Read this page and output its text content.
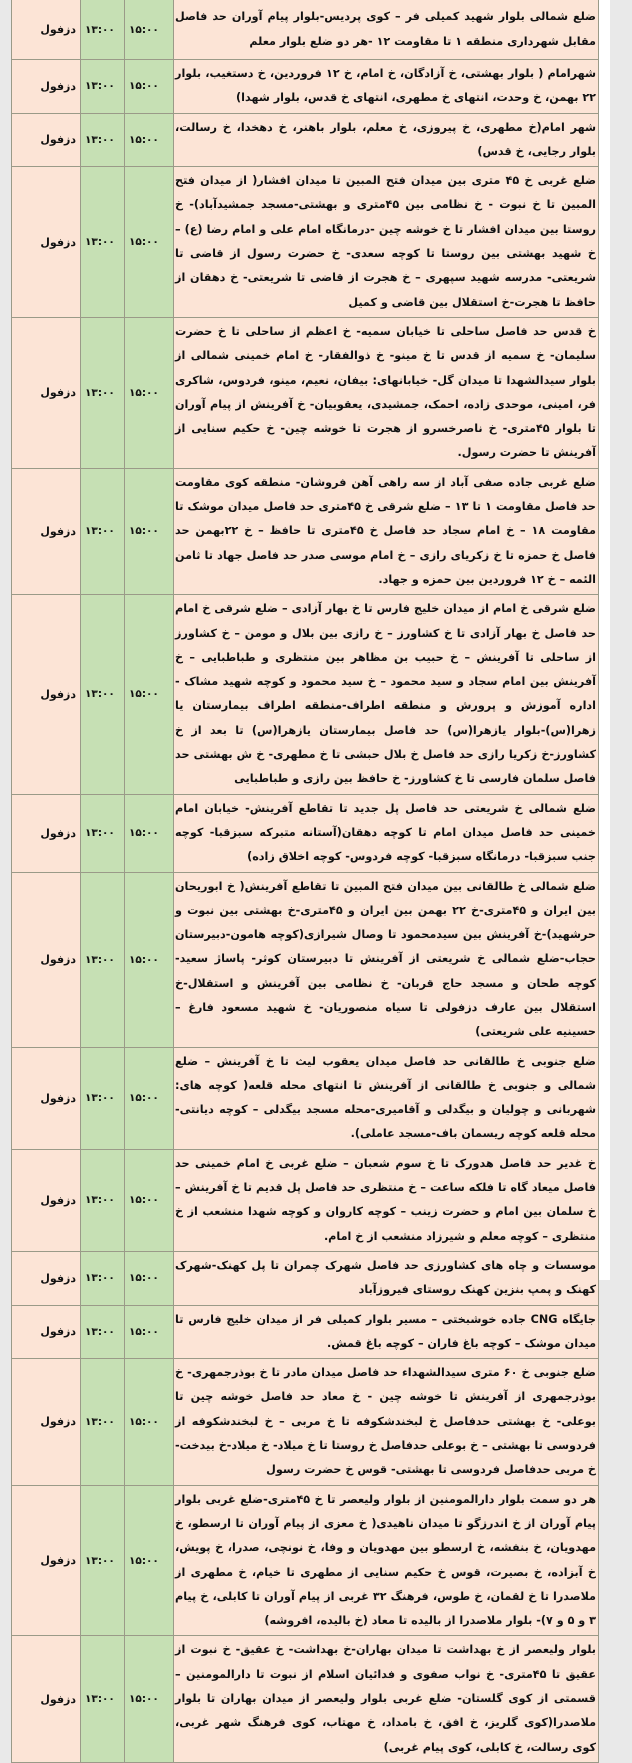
ضلع شمالی بلوار شهید کمیلی فر – کوی پردیس-بلوار پیام آوران حد فاصل مقابل شهرداری منطقه ۱ تا مقاومت ۱۲ -هر دو ضلع بلوار معلم	۱۵:۰۰	۱۳:۰۰	دزفول
شهرامام ( بلوار بهشتی، خ آزادگان، خ امام، خ ۱۲ فروردین، خ دستغیب، بلوار ۲۲ بهمن، خ وحدت، انتهای خ مطهری، انتهای خ قدس، بلوار شهدا)	۱۵:۰۰	۱۳:۰۰	دزفول
شهر امام(خ مطهری، خ پیروزی، خ معلم، بلوار باهنر، خ دهخدا، خ رسالت، بلوار رجایی، خ قدس)	۱۵:۰۰	۱۳:۰۰	دزفول
ضلع غربی خ ۴۵ متری بین میدان فتح المبین تا میدان افشار( از میدان فتح المبین تا خ نبوت - خ نظامی بین ۴۵متری و بهشتی-مسجد جمشیدآباد)- خ روستا بین میدان افشار تا خ خوشه چین -درمانگاه امام علی و امام رضا (ع) – خ شهید بهشتی بین روستا تا کوچه سعدی- خ حضرت رسول از قاضی تا شریعتی- مدرسه شهید سپهری – خ هجرت از قاضی تا شریعتی- خ دهقان از حافظ تا هجرت-خ استقلال بین قاضی و کمیل	۱۵:۰۰	۱۳:۰۰	دزفول
خ قدس حد فاصل ساحلی تا خیابان سمیه- خ اعظم از ساحلی تا خ حضرت سلیمان- خ سمیه از قدس تا خ مینو- خ ذوالفقار- خ امام خمینی شمالی از بلوار سیدالشهدا تا میدان گل- خیابانهای: بیفان، نعیم، مینو، فردوس، شاکری فر، امینی، موحدی زاده، احمک، جمشیدی، یعقوبیان- خ آفرینش از پیام آوران تا بلوار ۴۵متری- خ ناصرخسرو از هجرت تا خوشه چین- خ حکیم سنایی از آفرینش تا حضرت رسول.	۱۵:۰۰	۱۳:۰۰	دزفول
ضلع غربی جاده صفی آباد از سه راهی آهن فروشان- منطقه کوی مقاومت حد فاصل مقاومت ۱ تا ۱۳ – ضلع شرقی خ ۴۵متری حد فاصل میدان موشک تا مقاومت ۱۸ – خ امام سجاد حد فاصل خ ۴۵متری تا حافظ – خ ۲۲بهمن حد فاصل خ حمزه تا خ زکریای رازی – خ امام موسی صدر حد فاصل جهاد تا ثامن الئمه – خ ۱۲ فروردین بین حمزه و جهاد.	۱۵:۰۰	۱۳:۰۰	دزفول
ضلع شرقی خ امام از میدان خلیج فارس تا خ بهار آزادی – ضلع شرقی خ امام حد فاصل خ بهار آزادی تا خ کشاورز – خ رازی بین بلال و مومن – خ کشاورز از ساحلی تا آفرینش – خ حبیب بن مظاهر بین منتظری و طباطبایی – خ آفرینش بین امام سجاد و سید محمود – خ سید محمود و کوچه شهید مشاک - اداره آموزش و پرورش و منطقه اطراف-منطقه اطراف بیمارستان یا زهرا(س)-بلوار یازهرا(س) حد فاصل بیمارستان یازهرا(س) تا بعد از خ کشاورز-خ زکریا رازی حد فاصل خ بلال حبشی تا خ مطهری- خ ش بهشتی حد فاصل سلمان فارسی تا خ کشاورز- خ حافظ بین رازی و طباطبایی	۱۵:۰۰	۱۳:۰۰	دزفول
ضلع شمالی خ شریعتی حد فاصل پل جدید تا تقاطع آفرینش- خیابان امام خمینی حد فاصل میدان امام تا کوچه دهقان(آستانه متبرکه سبزقبا- کوچه جنب سبزقبا- درمانگاه سبزقبا- کوچه فردوس- کوچه اخلاق زاده)	۱۵:۰۰	۱۳:۰۰	دزفول
ضلع شمالی خ طالقانی بین میدان فتح المبین تا تقاطع آفرینش( خ ابوریحان بین ایران و ۴۵متری-خ ۲۲ بهمن بین ایران و ۴۵متری-خ بهشتی بین نبوت و حرشهید)-خ آفرینش بین سیدمحمود تا وصال شیرازی(کوچه هامون-دبیرستان حجاب-ضلع شمالی خ شریعتی از آفرینش تا دبیرستان کوثر- پاساژ سعید-کوچه طحان و مسجد حاج قربان- خ نظامی بین آفرینش و استقلال-خ استقلال بین عارف دزفولی تا سیاه منصوریان- خ شهید مسعود فارغ – حسینیه علی شریعتی)	۱۵:۰۰	۱۳:۰۰	دزفول
ضلع جنوبی خ طالقانی حد فاصل میدان یعقوب لیث تا خ آفرینش – ضلع شمالی و جنوبی خ طالقانی از آفرینش تا انتهای محله قلعه( کوچه های: شهربانی و چولیان و بیگدلی و آقامیری-محله مسجد بیگدلی – کوچه دیانتی-محله قلعه کوچه ریسمان باف-مسجد عاملی).	۱۵:۰۰	۱۳:۰۰	دزفول
خ غدیر حد فاصل هدورک تا خ سوم شعبان – ضلع غربی خ امام خمینی حد فاصل میعاد گاه تا فلکه ساعت – خ منتظری حد فاصل پل قدیم تا خ آفرینش – خ سلمان بین امام و حضرت زینب – کوچه کاروان و کوچه شهدا منشعب از خ منتظری – کوچه معلم و شیرزاد منشعب از خ امام.	۱۵:۰۰	۱۳:۰۰	دزفول
موسسات و چاه های کشاورزی حد فاصل شهرک چمران تا پل کهنک-شهرک کهنک و پمپ بنزین کهنک روستای فیروزآباد	۱۵:۰۰	۱۳:۰۰	دزفول
جایگاه CNG جاده خوشبختی – مسیر بلوار کمیلی فر از میدان خلیج فارس تا میدان موشک – کوچه باغ فاران – کوچه باغ قمش.	۱۵:۰۰	۱۳:۰۰	دزفول
ضلع جنوبی خ ۶۰ متری سیدالشهداء حد فاصل میدان مادر تا خ بوذرجمهری- خ بوذرجمهری از آفرینش تا خوشه چین - خ معاد حد فاصل خوشه چین تا بوعلی- خ بهشتی حدفاصل خ لبخندشکوفه تا خ مربی – خ لبخندشکوفه از فردوسی تا بهشتی – خ بوعلی حدفاصل خ روستا تا خ میلاد- خ میلاد-خ بیدخت- خ مربی حدفاصل فردوسی تا بهشتی- قوس خ حضرت رسول	۱۵:۰۰	۱۳:۰۰	دزفول
هر دو سمت بلوار دارالمومنین از بلوار ولیعصر تا خ ۴۵متری-ضلع غربی بلوار پیام آوران از خ اندرزگو تا میدان ناهیدی( خ معزی از پیام آوران تا ارسطو، خ مهدویان، خ بنفشه، خ ارسطو بین مهدویان و وفا، خ نونچی، صدرا، خ پویش، خ آبزاده، خ بصیرت، قوس خ حکیم سنایی از مطهری تا خیام، خ مطهری از ملاصدرا تا خ لقمان، خ طوس، فرهنگ ۳۲ غربی از پیام آوران تا کابلی، خ پیام ۳ و ۵ و ۷)- بلوار ملاصدرا از بالیده تا معاد (خ بالیده، افروشه)	۱۵:۰۰	۱۳:۰۰	دزفول
بلوار ولیعصر از خ بهداشت تا میدان بهاران-خ بهداشت- خ عقیق- خ نبوت از عقیق تا ۴۵متری- خ نواب صفوی و فدائیان اسلام از نبوت تا دارالمومنین – قسمتی از کوی گلستان- ضلع غربی بلوار ولیعصر از میدان بهاران تا بلوار ملاصدرا(کوی گلریز، خ افق، خ بامداد، خ مهتاب، کوی فرهنگ شهر غربی، کوی رسالت، خ کابلی، کوی پیام غربی)	۱۵:۰۰	۱۳:۰۰	دزفول
